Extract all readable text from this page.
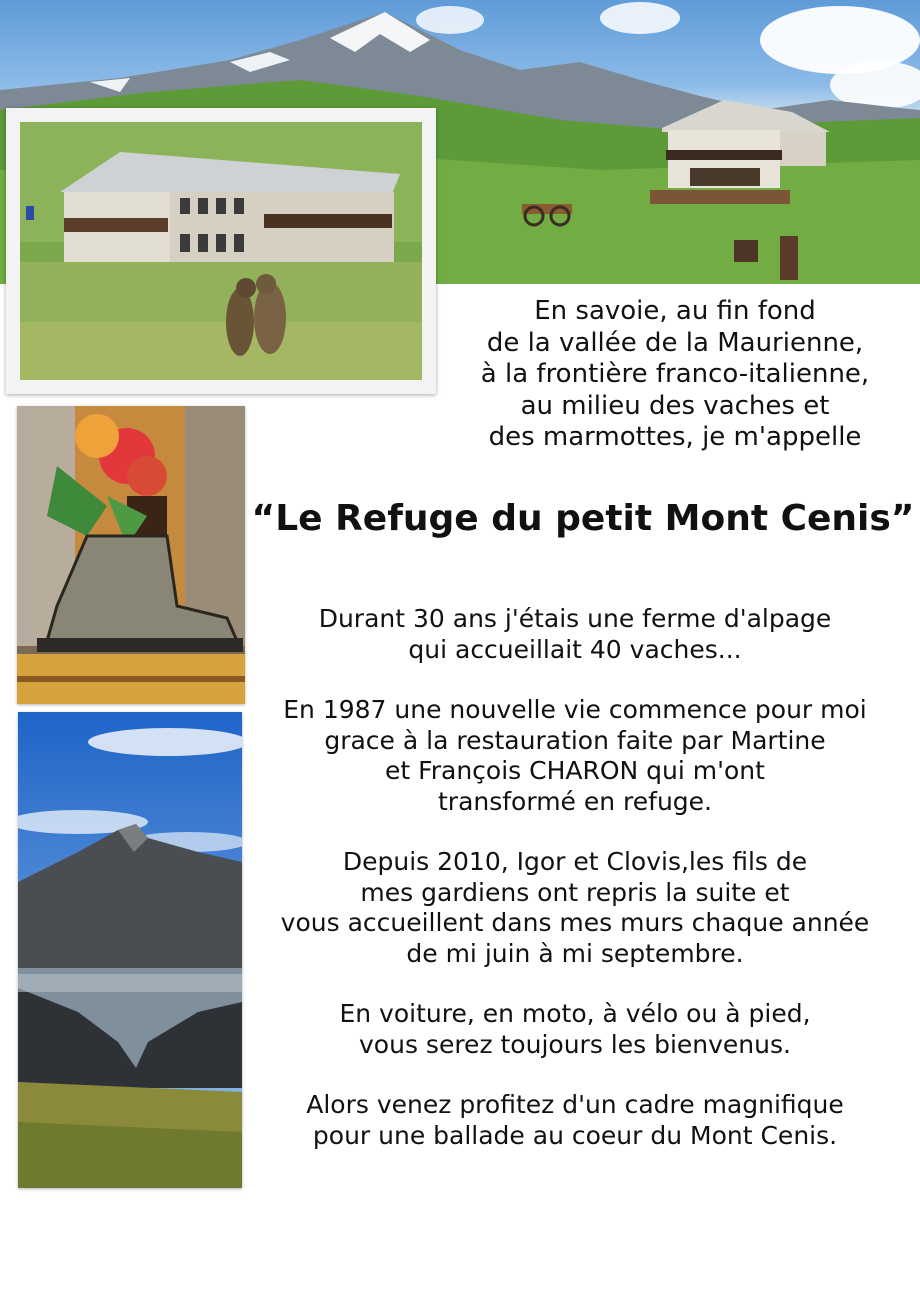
En savoie, au fin fond
de la vallée de la Maurienne,
à la frontière franco-italienne,
au milieu des vaches et
des marmottes, je m'appelle
“Le Refuge du petit Mont Cenis”

Durant 30 ans j'étais une ferme d'alpage
qui accueillait 40 vaches...

En 1987 une nouvelle vie commence pour moi
grace à la restauration faite par Martine
et François CHARON qui m'ont
transformé en refuge.

Depuis 2010, Igor et Clovis,les fils de
mes gardiens ont repris la suite et
vous accueillent dans mes murs chaque année
de mi juin à mi septembre.

En voiture, en moto, à vélo ou à pied,
vous serez toujours les bienvenus.

Alors venez profitez d'un cadre magnifique
pour une ballade au coeur du Mont Cenis.
